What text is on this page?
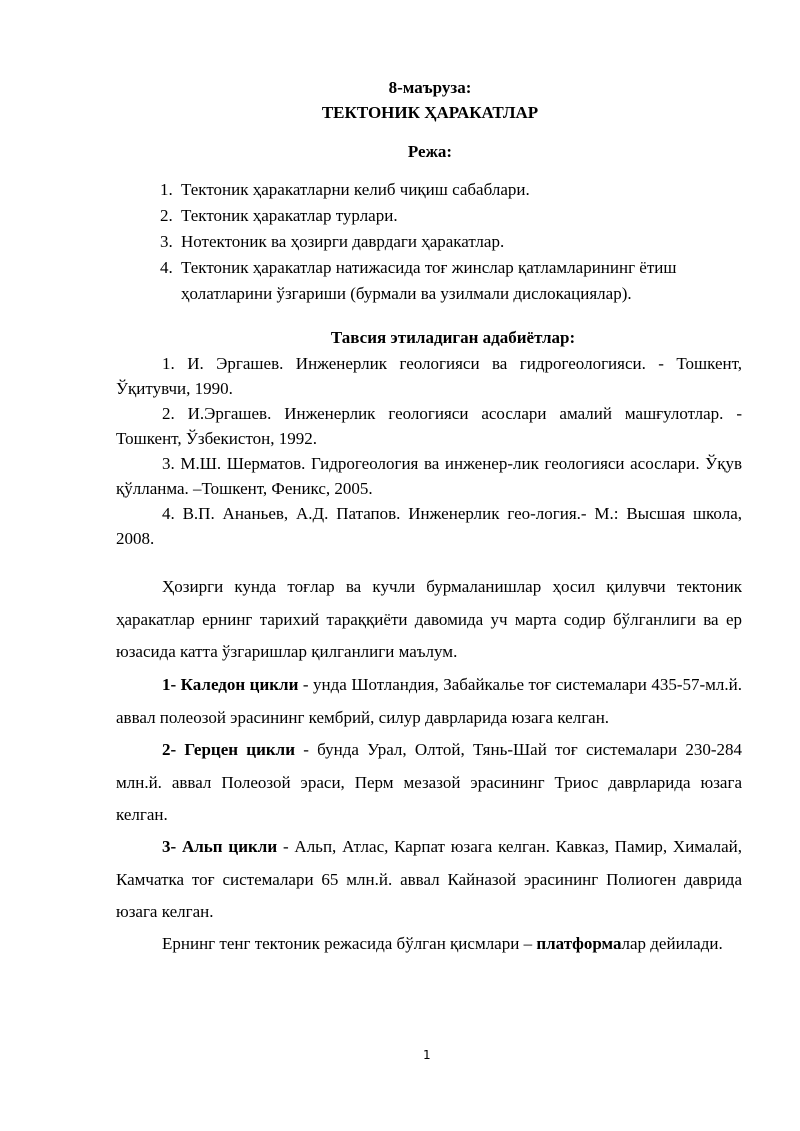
8-маъруза:
ТЕКТОНИК ҲАРАКАТЛАР
Режа:
1. Тектоник ҳаракатларни келиб чиқиш сабаблари.
2. Тектоник ҳаракатлар турлари.
3. Нотектоник ва ҳозирги даврдаги ҳаракатлар.
4. Тектоник ҳаракатлар натижасида тоғ жинслар қатламларининг ётиш ҳолатларини ўзгариши (бурмали ва узилмали дислокациялар).
Тавсия этиладиган адабиётлар:
1. И. Эргашев. Инженерлик геологияси ва гидрогеологияси. - Тошкент, Ўқитувчи, 1990.
2. И.Эргашев. Инженерлик геологияси асослари амалий машғулотлар. - Тошкент, Ўзбекистон, 1992.
3. М.Ш. Шерматов. Гидрогеология ва инженер-лик геологияси асослари. Ўқув қўлланма. –Тошкент, Феникс, 2005.
4. В.П. Ананьев, А.Д. Патапов. Инженерлик гео-логия.- М.: Высшая школа, 2008.

Ҳозирги кунда тоғлар ва кучли бурмаланишлар ҳосил қилувчи тектоник ҳаракатлар ернинг тарихий тараққиёти давомида уч марта содир бўлганлиги ва ер юзасида катта ўзгаришлар қилганлиги маълум.

1- Каледон цикли - унда Шотландия, Забайкалье тоғ системалари 435-57-мл.й. аввал полеозой эрасининг кембрий, силур даврларида юзага келган.

2- Герцен цикли - бунда Урал, Олтой, Тянь-Шай тоғ системалари 230-284 млн.й. аввал Полеозой эраси, Перм мезазой эрасининг Триос даврларида юзага келган.

3- Альп цикли - Альп, Атлас, Карпат юзага келган. Кавказ, Памир, Хималай, Камчатка тоғ системалари 65 млн.й. аввал Кайназой эрасининг Полиоген даврида юзага келган.

Ернинг тенг тектоник режасида бўлган қисмлари – платформалар дейилади.

1
